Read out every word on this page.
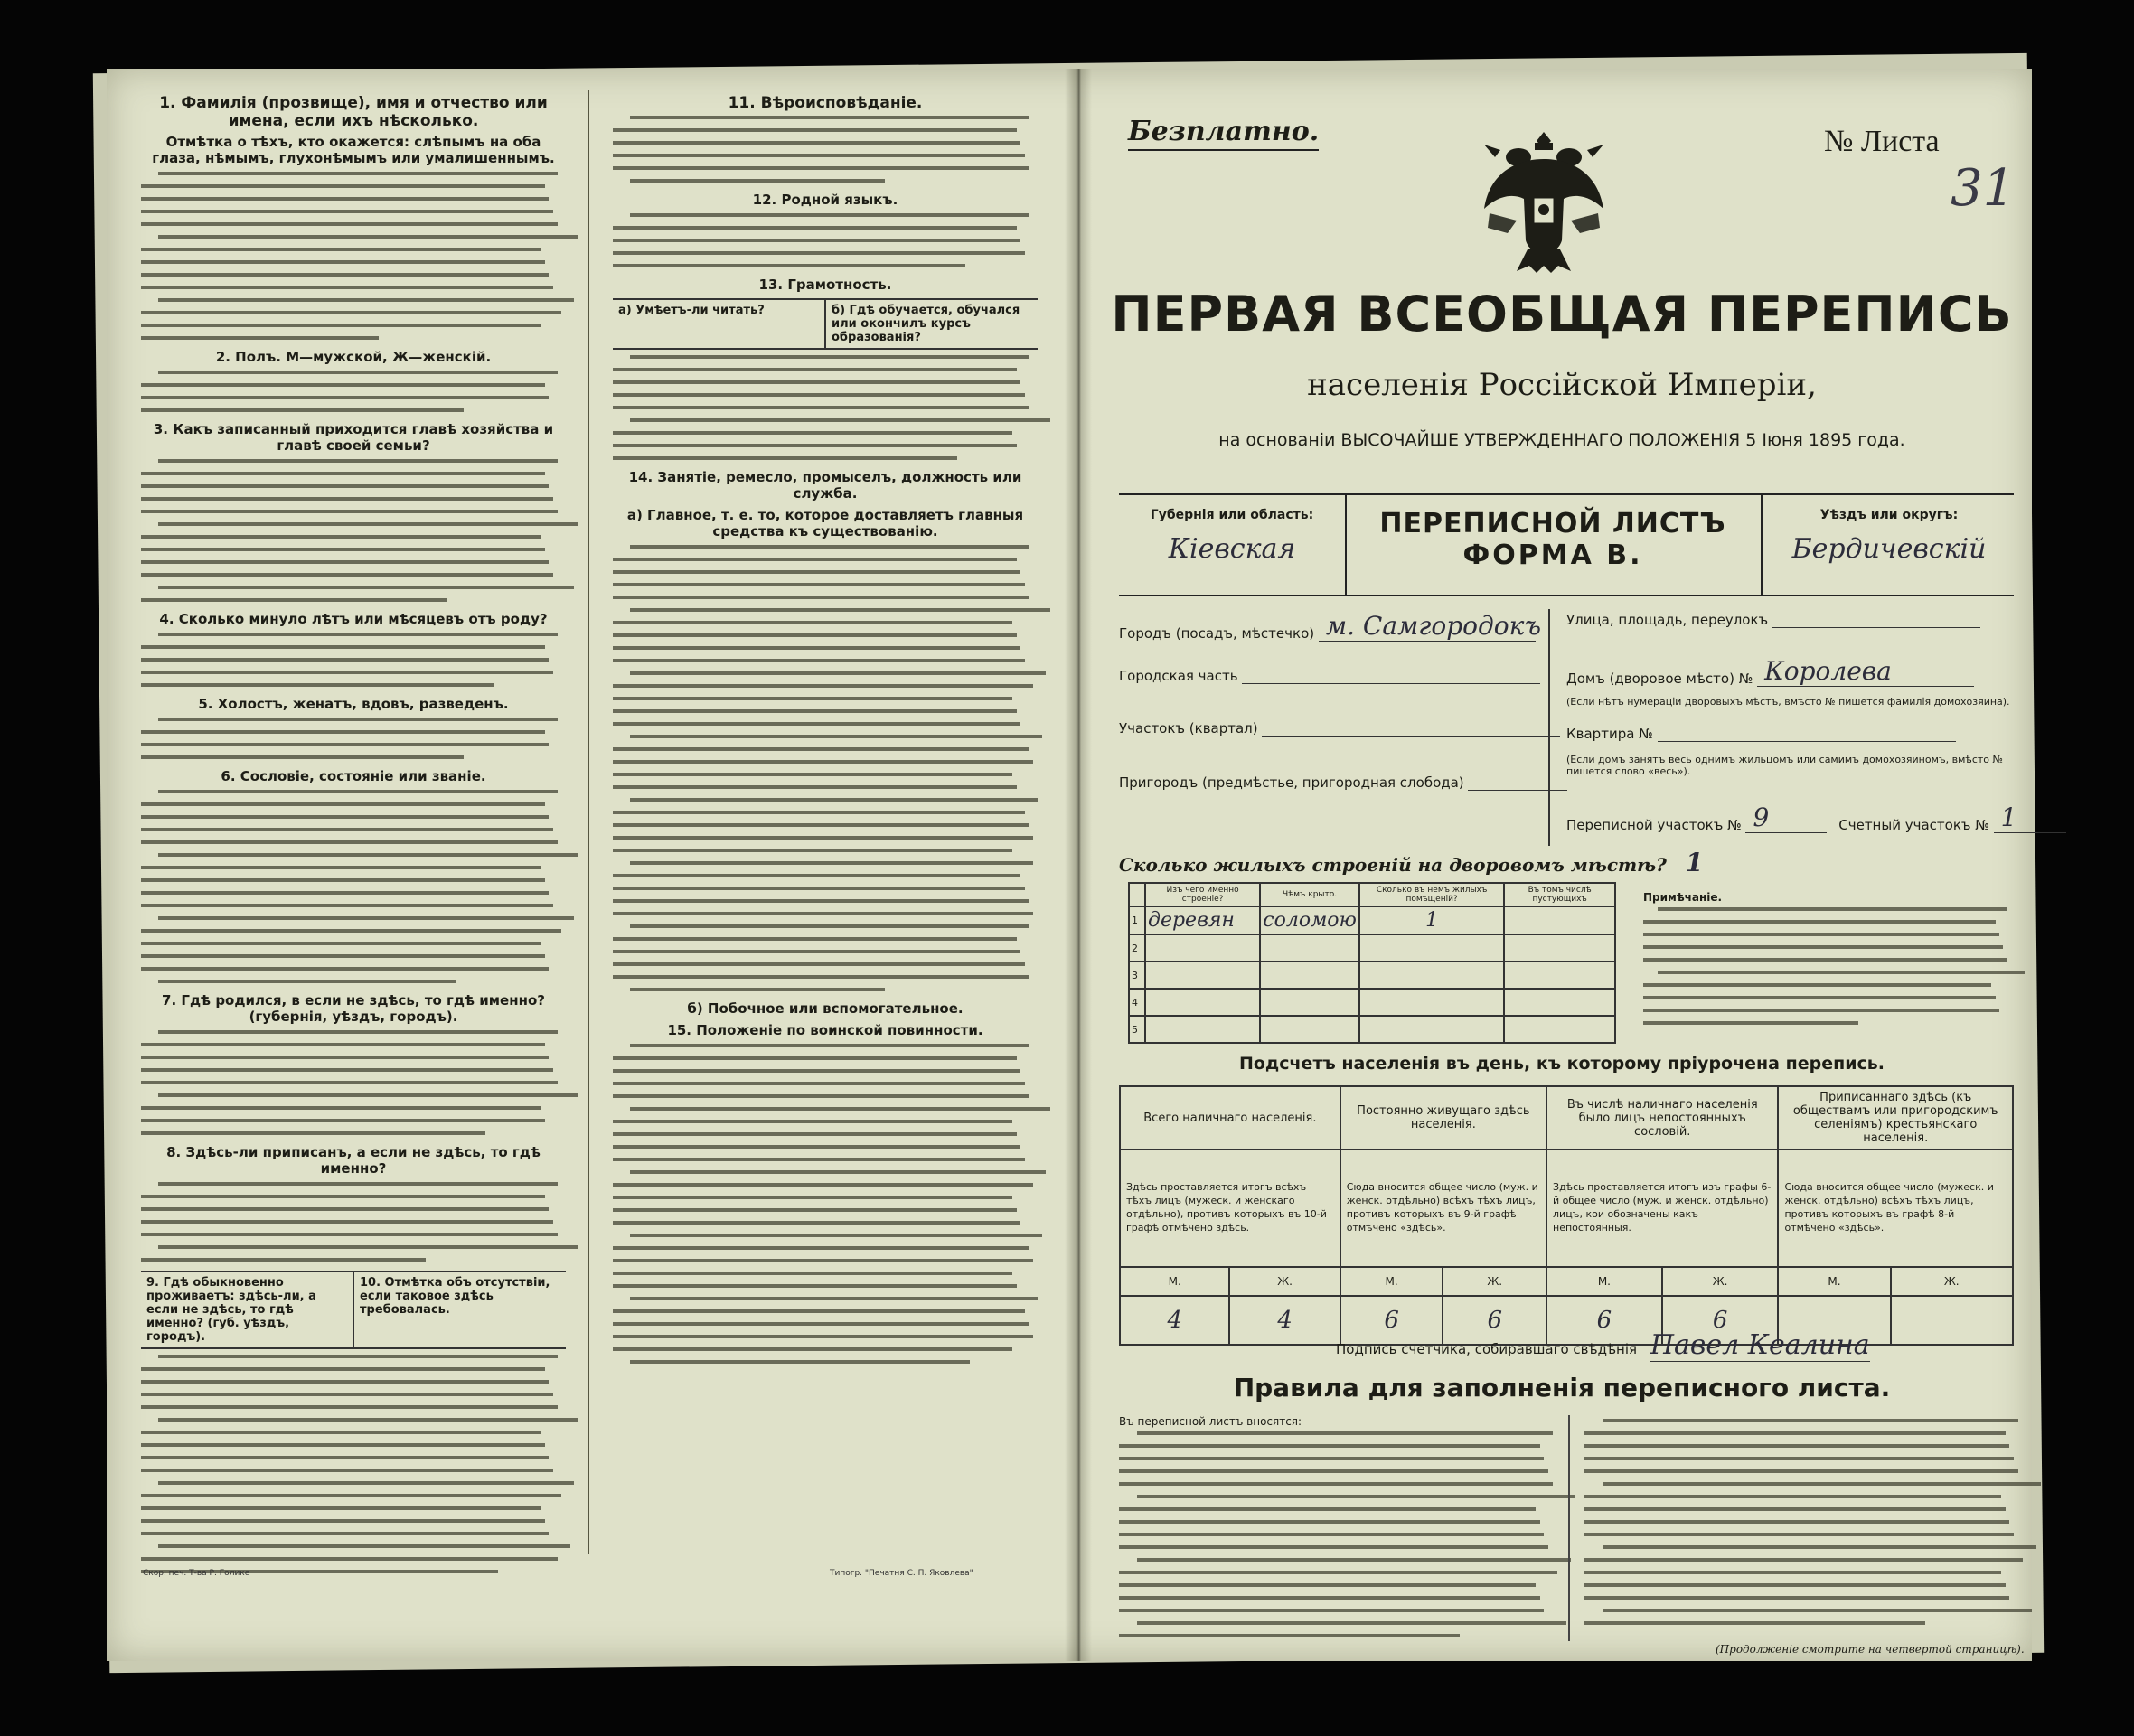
1. Фамилія (прозвище), имя и отчество или имена, если ихъ нѣсколько.
Отмѣтка о тѣхъ, кто окажется: слѣпымъ на оба глаза, нѣмымъ, глухонѣмымъ или умалишеннымъ.
2. Полъ. М—мужской, Ж—женскій.
3. Какъ записанный приходится главѣ хозяйства и главѣ своей семьи?
4. Сколько минуло лѣтъ или мѣсяцевъ отъ роду?
5. Холостъ, женатъ, вдовъ, разведенъ.
6. Сословіе, состояніе или званіе.
7. Гдѣ родился, в если не здѣсь, то гдѣ именно? (губернія, уѣздъ, городъ).
8. Здѣсь-ли приписанъ, а если не здѣсь, то гдѣ именно?
9. Гдѣ обыкновенно проживаетъ: здѣсь-ли, а если не здѣсь, то гдѣ именно? (губ. уѣздъ, городъ).
10. Отмѣтка объ отсутствіи, если таковое здѣсь требовалась.
11. Вѣроисповѣданіе.
12. Родной языкъ.
13. Грамотность.
а) Умѣетъ-ли читать?	б) Гдѣ обучается, обучался или окончилъ курсъ образованія?
14. Занятіе, ремесло, промыселъ, должность или служба.
а) Главное, т. е. то, которое доставляетъ главныя средства къ существованію.
б) Побочное или вспомогательное.
15. Положеніе по воинской повинности.
Скор. печ. Т-ва Р. Голике	Типогр. "Печатня С. П. Яковлева"
Безплатно.	№ Листа
31
ПЕРВАЯ ВСЕОБЩАЯ ПЕРЕПИСЬ
населенія Россійской Имперіи,
на основаніи ВЫСОЧАЙШЕ УТВЕРЖДЕННАГО ПОЛОЖЕНІЯ 5 Іюня 1895 года.
Губернія или область:
Кіевская
ПЕРЕПИСНОЙ ЛИСТЪ
ФОРМА В.
Уѣздъ или округъ:
Бердичевскій
Городъ (посадъ, мѣстечко) м. Самгородокъ
Городская часть
Участокъ (квартал)
Пригородъ (предмѣстье, пригородная слобода)
Улица, площадь, переулокъ
Домъ (дворовое мѣсто) № Королева
(Если нѣтъ нумераціи дворовыхъ мѣстъ, вмѣсто № пишется фамилія домохозяина).
Квартира №
(Если домъ занятъ весь однимъ жильцомъ или самимъ домохозяиномъ, вмѣсто № пишется слово «весь»).
Переписной участокъ № 9	Счетный участокъ № 1
Сколько жилыхъ строеній на дворовомъ мѣстѣ? 1
	Изъ чего именно строеніе?	Чѣмъ крыто.	Сколько въ немъ жилыхъ помѣщеній?	Въ томъ числѣ пустующихъ
1	деревян	соломою	1	
2				
3				
4				
5				
Примѣчаніе.
Подсчетъ населенія въ день, къ которому пріурочена перепись.
Всего наличнаго населенія.		Постоянно живущаго здѣсь населенія.		Въ числѣ наличнаго населенія было лицъ непостоянныхъ сословій.		Приписаннаго здѣсь (къ обществамъ или пригородскимъ селеніямъ) крестьянскаго населенія.	
Здѣсь проставляется итогъ всѣхъ тѣхъ лицъ (мужеск. и женскаго отдѣльно), противъ которыхъ въ 10-й графѣ отмѣчено здѣсь.		Сюда вносится общее число (муж. и женск. отдѣльно) всѣхъ тѣхъ лицъ, противъ которыхъ въ 9-й графѣ отмѣчено «здѣсь».		Здѣсь проставляется итогъ изъ графы 6-й общее число (муж. и женск. отдѣльно) лицъ, кои обозначены какъ непостоянныя.		Сюда вносится общее число (мужеск. и женск. отдѣльно) всѣхъ тѣхъ лицъ, противъ которыхъ въ графѣ 8-й отмѣчено «здѣсь».	
М.	Ж.	М.	Ж.	М.	Ж.	М.	Ж.
4	4	6	6	6	6		
Подпись счетчика, собиравшаго свѣдѣнія Павел Кеалина
Правила для заполненія переписного листа.
Въ переписной листъ вносятся:
(Продолженіе смотрите на четвертой страницѣ).
